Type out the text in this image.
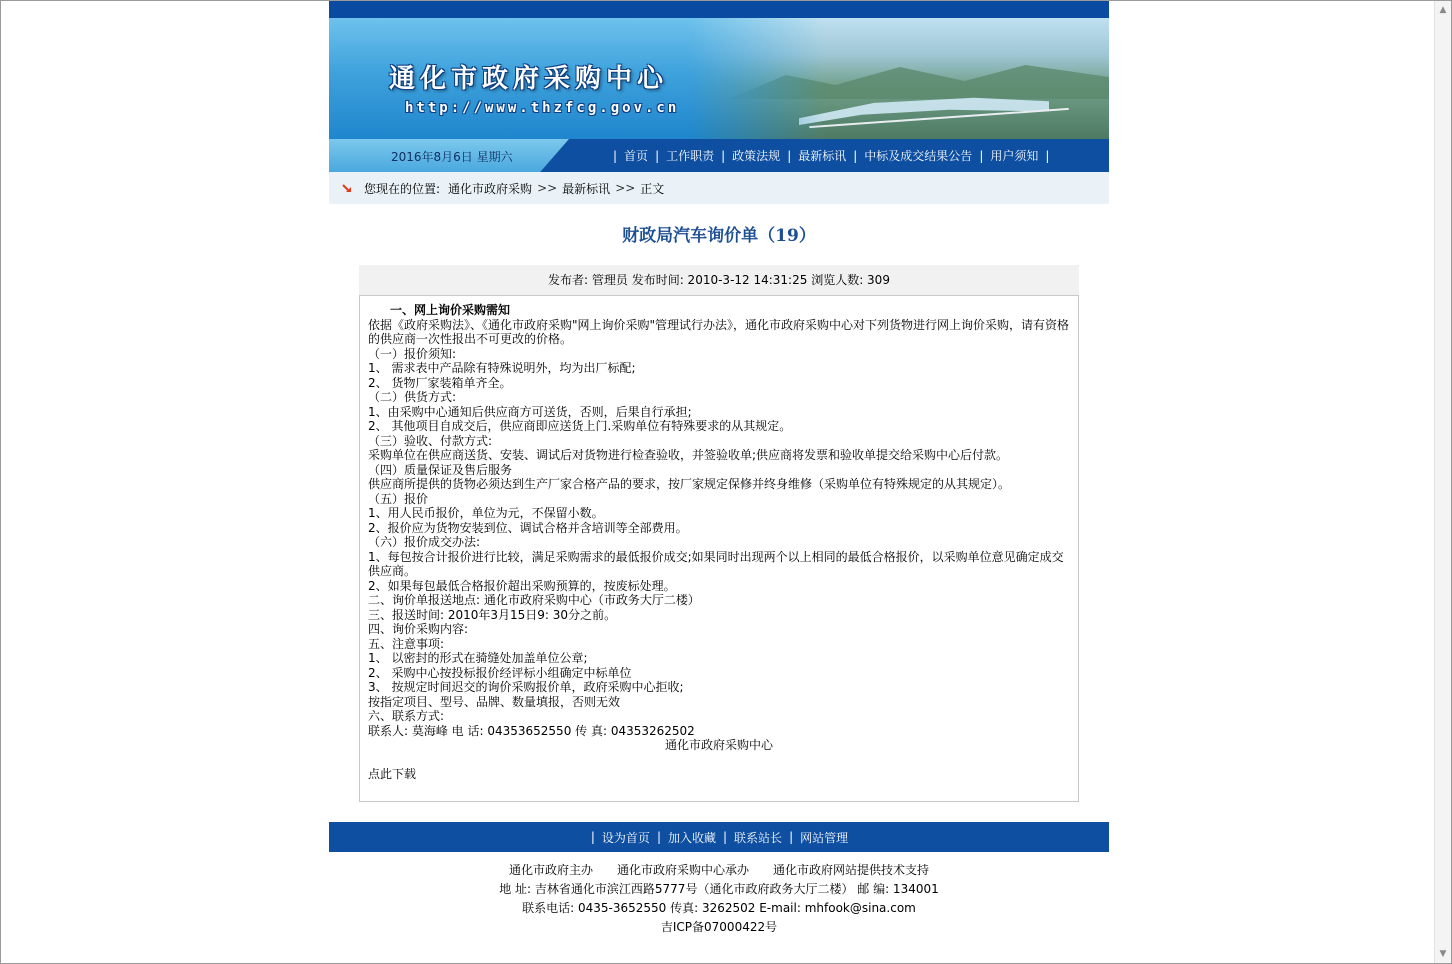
通化市政府采购中心
http://www.thzfcg.gov.cn
2016年8月6日 星期六	| 首页 | 工作职责 | 政策法规 | 最新标讯 | 中标及成交结果公告 | 用户须知 |
您现在的位置: 通化市政府采购 >> 最新标讯 >> 正文
财政局汽车询价单（19）
发布者: 管理员 发布时间: 2010-3-12 14:31:25 浏览人数: 309

一、网上询价采购需知

依据《政府采购法》、《通化市政府采购"网上询价采购"管理试行办法》，通化市政府采购中心对下列货物进行网上询价采购，请有资格的供应商一次性报出不可更改的价格。

（一）报价须知:

1、 需求表中产品除有特殊说明外，均为出厂标配;

2、 货物厂家装箱单齐全。

（二）供货方式:

1、由采购中心通知后供应商方可送货，否则，后果自行承担;

2、 其他项目自成交后，供应商即应送货上门.采购单位有特殊要求的从其规定。

（三）验收、付款方式:

采购单位在供应商送货、安装、调试后对货物进行检查验收，并签验收单;供应商将发票和验收单提交给采购中心后付款。

（四）质量保证及售后服务

供应商所提供的货物必须达到生产厂家合格产品的要求，按厂家规定保修并终身维修（采购单位有特殊规定的从其规定）。

（五）报价

1、用人民币报价，单位为元，不保留小数。

2、报价应为货物安装到位、调试合格并含培训等全部费用。

（六）报价成交办法:

1、每包按合计报价进行比较，满足采购需求的最低报价成交;如果同时出现两个以上相同的最低合格报价，以采购单位意见确定成交供应商。

2、如果每包最低合格报价超出采购预算的，按废标处理。

二、询价单报送地点: 通化市政府采购中心（市政务大厅二楼）

三、报送时间: 2010年3月15日9: 30分之前。

四、询价采购内容:

五、注意事项:

1、 以密封的形式在骑缝处加盖单位公章;

2、 采购中心按投标报价经评标小组确定中标单位

3、 按规定时间迟交的询价采购报价单，政府采购中心拒收;

按指定项目、型号、品牌、数量填报，否则无效

六、联系方式:

联系人: 莫海峰 电 话: 04353652550 传 真: 04353262502

通化市政府采购中心

点此下载

| 设为首页 | 加入收藏 | 联系站长 | 网站管理
通化市政府主办　　通化市政府采购中心承办　　通化市政府网站提供技术支持
地 址: 吉林省通化市滨江西路5777号（通化市政府政务大厅二楼） 邮 编: 134001
联系电话: 0435-3652550 传真: 3262502 E-mail: mhfook@sina.com
吉ICP备07000422号
▲
▼
